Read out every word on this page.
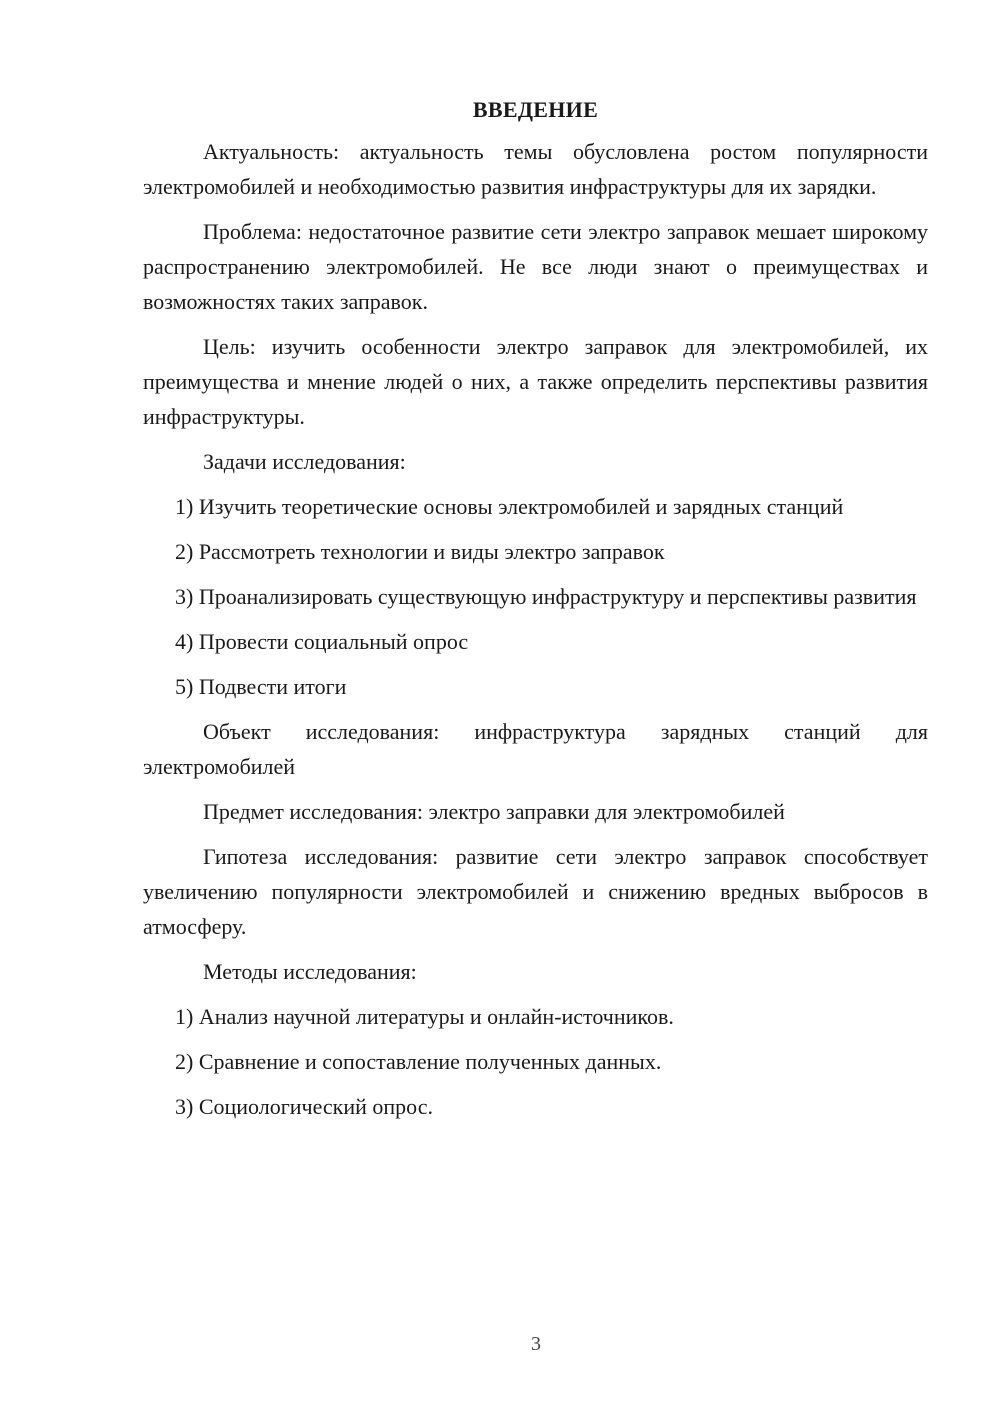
ВВЕДЕНИЕ

Актуальность: актуальность темы обусловлена ростом популярности электромобилей и необходимостью развития инфраструктуры для их зарядки.

Проблема: недостаточное развитие сети электро заправок мешает широкому распространению электромобилей. Не все люди знают о преимуществах и возможностях таких заправок.

Цель: изучить особенности электро заправок для электромобилей, их преимущества и мнение людей о них, а также определить перспективы развития инфраструктуры.

Задачи исследования:

1) Изучить теоретические основы электромобилей и зарядных станций

2) Рассмотреть технологии и виды электро заправок

3) Проанализировать существующую инфраструктуру и перспективы развития

4) Провести социальный опрос

5) Подвести итоги

Объект исследования: инфраструктура зарядных станций для электромобилей

Предмет исследования: электро заправки для электромобилей

Гипотеза исследования: развитие сети электро заправок способствует увеличению популярности электромобилей и снижению вредных выбросов в атмосферу.

Методы исследования:

1) Анализ научной литературы и онлайн-источников.

2) Сравнение и сопоставление полученных данных.

3) Социологический опрос.

3
